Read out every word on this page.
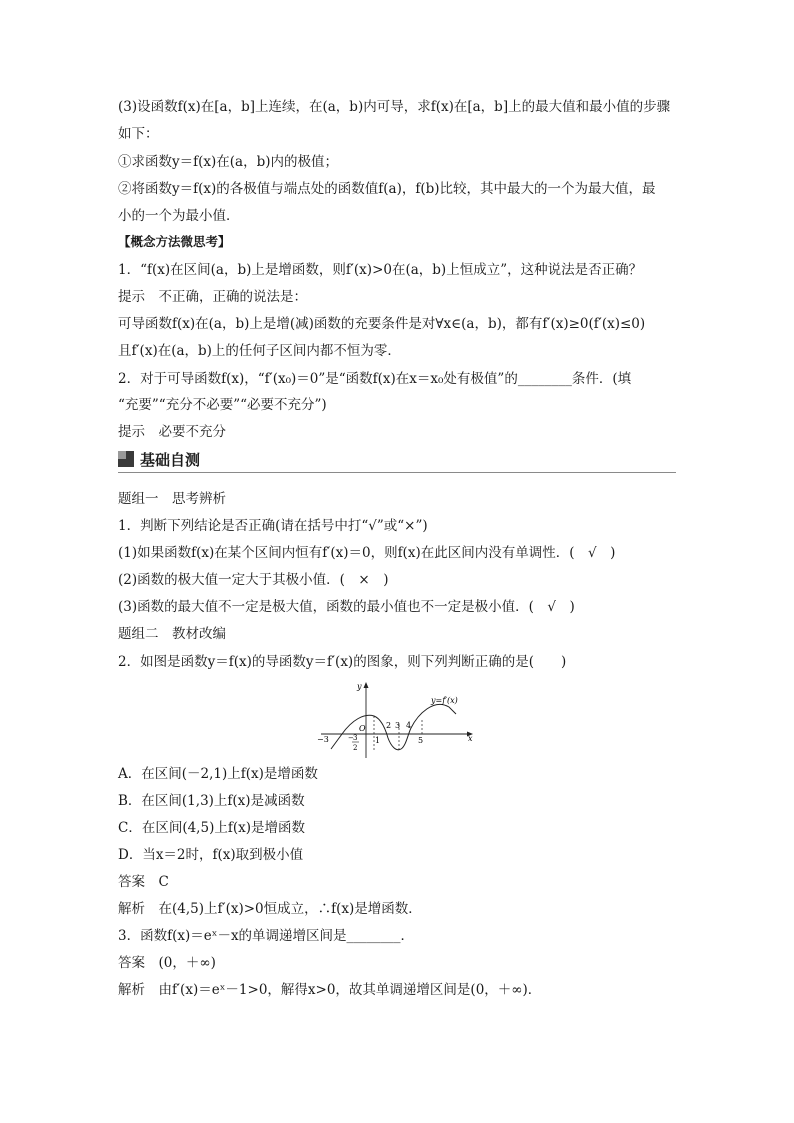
(3)设函数f(x)在[a，b]上连续，在(a，b)内可导，求f(x)在[a，b]上的最大值和最小值的步骤
如下：
①求函数y＝f(x)在(a，b)内的极值；
②将函数y＝f(x)的各极值与端点处的函数值f(a)，f(b)比较，其中最大的一个为最大值，最
小的一个为最小值．
【概念方法微思考】
1．“f(x)在区间(a，b)上是增函数，则f′(x)>0在(a，b)上恒成立”，这种说法是否正确？
提示　不正确，正确的说法是：
可导函数f(x)在(a，b)上是增(减)函数的充要条件是对∀x∈(a，b)，都有f′(x)≥0(f′(x)≤0)
且f′(x)在(a，b)上的任何子区间内都不恒为零．
2．对于可导函数f(x)，“f′(x₀)＝0”是“函数f(x)在x＝x₀处有极值”的________条件．(填
“充要”“充分不必要”“必要不充分”)
提示　必要不充分
基础自测
题组一　思考辨析
1．判断下列结论是否正确(请在括号中打“√”或“×”)
(1)如果函数f(x)在某个区间内恒有f′(x)＝0，则f(x)在此区间内没有单调性．(　√　)
(2)函数的极大值一定大于其极小值．(　×　)
(3)函数的最大值不一定是极大值，函数的最小值也不一定是极小值．(　√　)
题组二　教材改编
2．如图是函数y＝f(x)的导函数y＝f′(x)的图象，则下列判断正确的是(　　)
y
x
y=f′(x)
O
−3	− 3
2
1
2 3 4
5
A．在区间(－2,1)上f(x)是增函数
B．在区间(1,3)上f(x)是减函数
C．在区间(4,5)上f(x)是增函数
D．当x＝2时，f(x)取到极小值
答案　C
解析　在(4,5)上f′(x)>0恒成立，∴f(x)是增函数．
3．函数f(x)＝eˣ－x的单调递增区间是________．
答案　(0，＋∞)
解析　由f′(x)＝eˣ－1>0，解得x>0，故其单调递增区间是(0，＋∞)．
